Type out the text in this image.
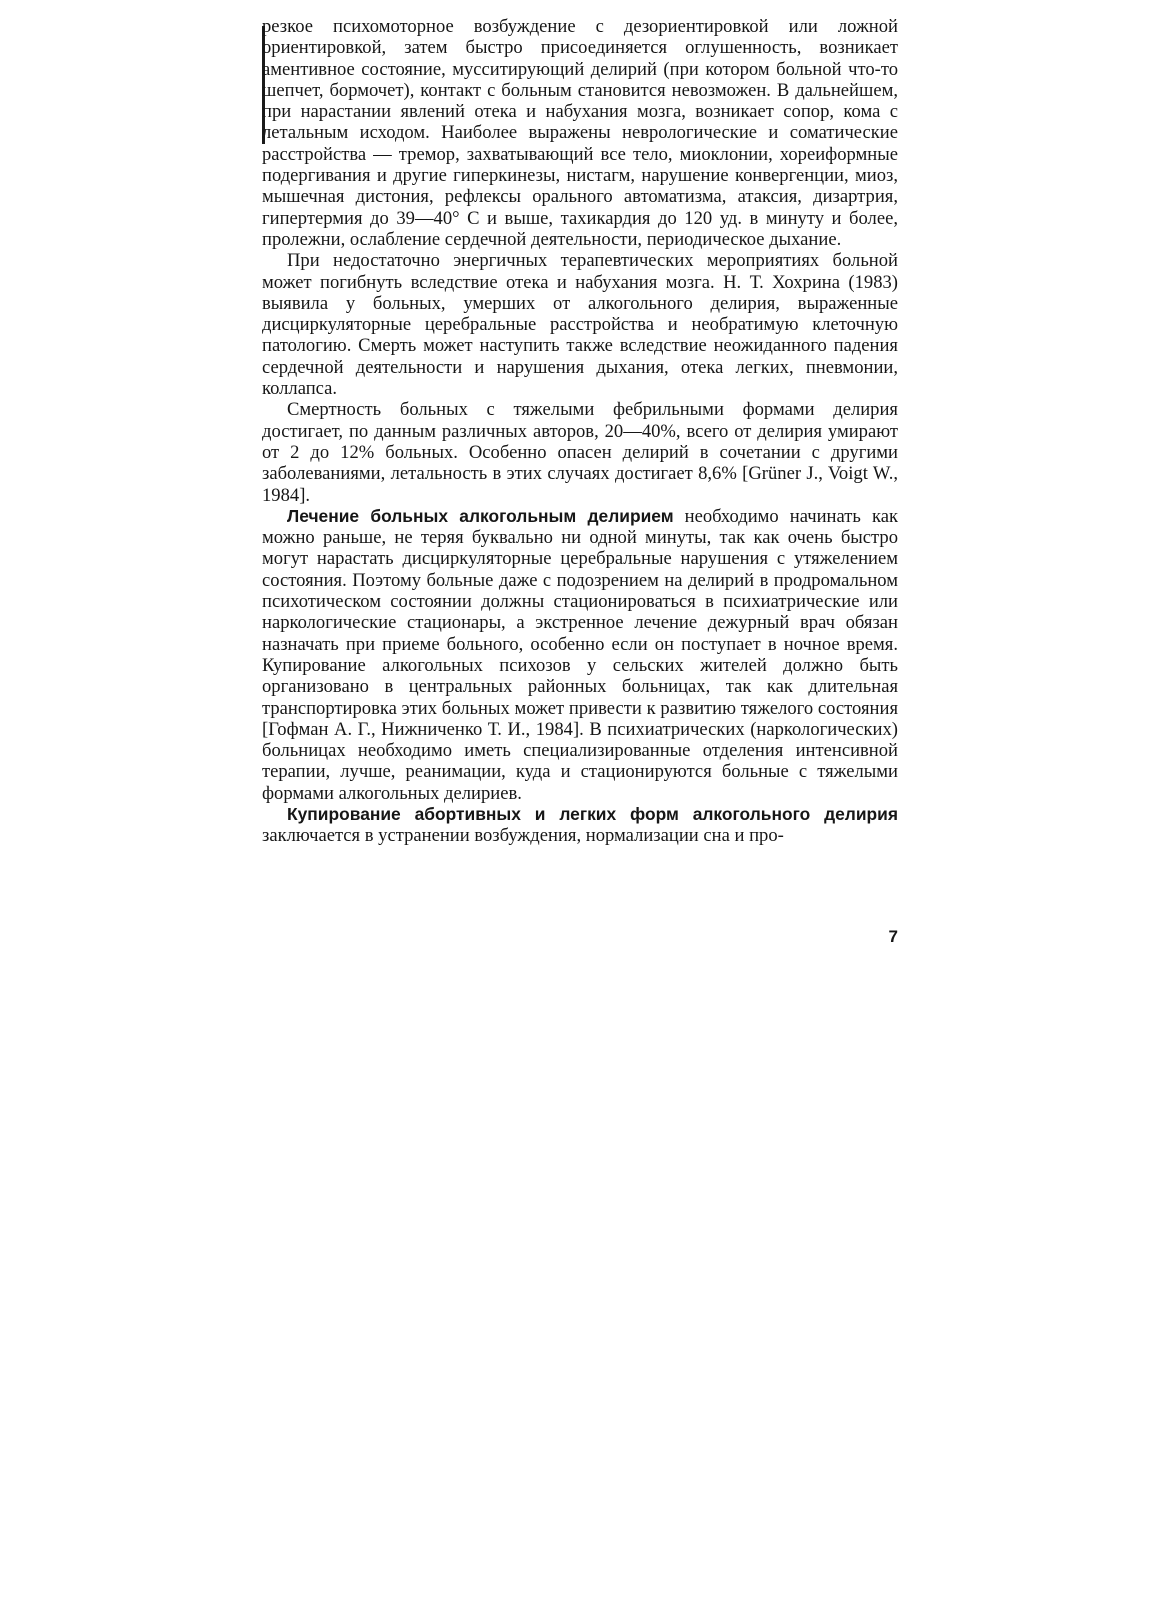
резкое психомоторное возбуждение с дезориентировкой или ложной ориентировкой, затем быстро присоединяется оглушенность, возникает аментивное состояние, мусситирующий делирий (при котором больной что-то шепчет, бормочет), контакт с больным становится невозможен. В дальнейшем, при нарастании явлений отека и набухания мозга, возникает сопор, кома с летальным исходом. Наиболее выражены неврологические и соматические расстройства — тремор, захватывающий все тело, миоклонии, хореиформные подергивания и другие гиперкинезы, нистагм, нарушение конвергенции, миоз, мышечная дистония, рефлексы орального автоматизма, атаксия, дизартрия, гипертермия до 39—40° С и выше, тахикардия до 120 уд. в минуту и более, пролежни, ослабление сердечной деятельности, периодическое дыхание.

При недостаточно энергичных терапевтических мероприятиях больной может погибнуть вследствие отека и набухания мозга. Н. Т. Хохрина (1983) выявила у больных, умерших от алкогольного делирия, выраженные дисциркуляторные церебральные расстройства и необратимую клеточную патологию. Смерть может наступить также вследствие неожиданного падения сердечной деятельности и нарушения дыхания, отека легких, пневмонии, коллапса.

Смертность больных с тяжелыми фебрильными формами делирия достигает, по данным различных авторов, 20—40%, всего от делирия умирают от 2 до 12% больных. Особенно опасен делирий в сочетании с другими заболеваниями, летальность в этих случаях достигает 8,6% [Grüner J., Voigt W., 1984].

Лечение больных алкогольным делирием необходимо начинать как можно раньше, не теряя буквально ни одной минуты, так как очень быстро могут нарастать дисциркуляторные церебральные нарушения с утяжелением состояния. Поэтому больные даже с подозрением на делирий в продромальном психотическом состоянии должны стационироваться в психиатрические или наркологические стационары, а экстренное лечение дежурный врач обязан назначать при приеме больного, особенно если он поступает в ночное время. Купирование алкогольных психозов у сельских жителей должно быть организовано в центральных районных больницах, так как длительная транспортировка этих больных может привести к развитию тяжелого состояния [Гофман А. Г., Нижниченко Т. И., 1984]. В психиатрических (наркологических) больницах необходимо иметь специализированные отделения интенсивной терапии, лучше, реанимации, куда и стационируются больные с тяжелыми формами алкогольных делириев.

Купирование абортивных и легких форм алкогольного делирия заключается в устранении возбуждения, нормализации сна и про-

7
